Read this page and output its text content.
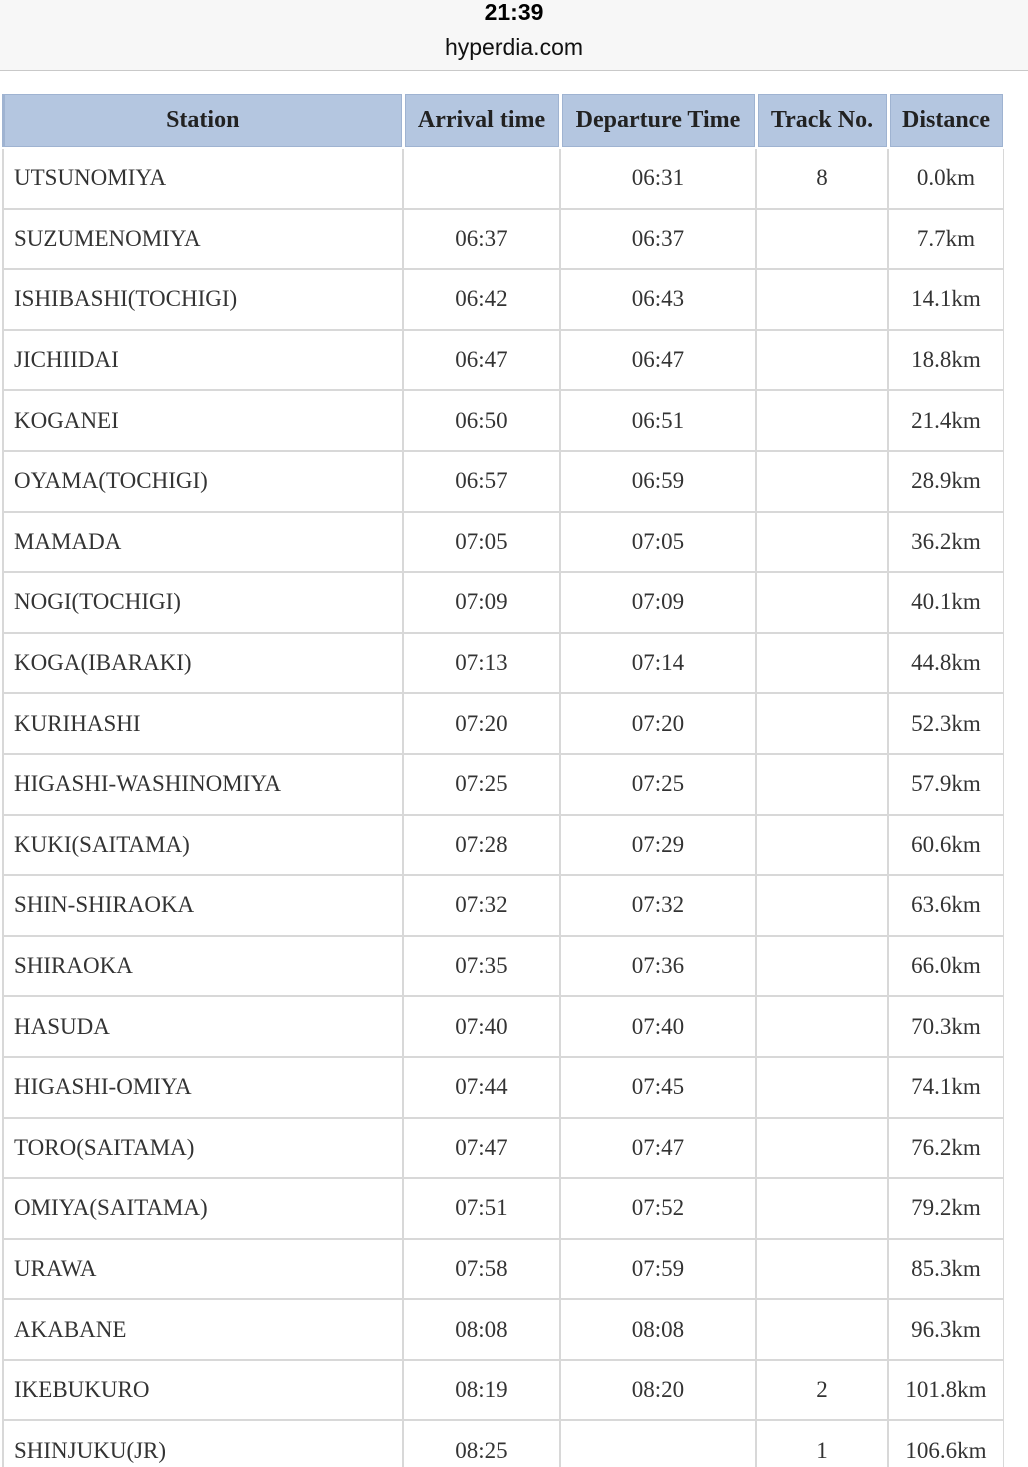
21:39
hyperdia.com
Station	Arrival time	Departure Time	Track No.	Distance
UTSUNOMIYA		06:31	8	0.0km
SUZUMENOMIYA	06:37	06:37		7.7km
ISHIBASHI(TOCHIGI)	06:42	06:43		14.1km
JICHIIDAI	06:47	06:47		18.8km
KOGANEI	06:50	06:51		21.4km
OYAMA(TOCHIGI)	06:57	06:59		28.9km
MAMADA	07:05	07:05		36.2km
NOGI(TOCHIGI)	07:09	07:09		40.1km
KOGA(IBARAKI)	07:13	07:14		44.8km
KURIHASHI	07:20	07:20		52.3km
HIGASHI-WASHINOMIYA	07:25	07:25		57.9km
KUKI(SAITAMA)	07:28	07:29		60.6km
SHIN-SHIRAOKA	07:32	07:32		63.6km
SHIRAOKA	07:35	07:36		66.0km
HASUDA	07:40	07:40		70.3km
HIGASHI-OMIYA	07:44	07:45		74.1km
TORO(SAITAMA)	07:47	07:47		76.2km
OMIYA(SAITAMA)	07:51	07:52		79.2km
URAWA	07:58	07:59		85.3km
AKABANE	08:08	08:08		96.3km
IKEBUKURO	08:19	08:20	2	101.8km
SHINJUKU(JR)	08:25		1	106.6km
